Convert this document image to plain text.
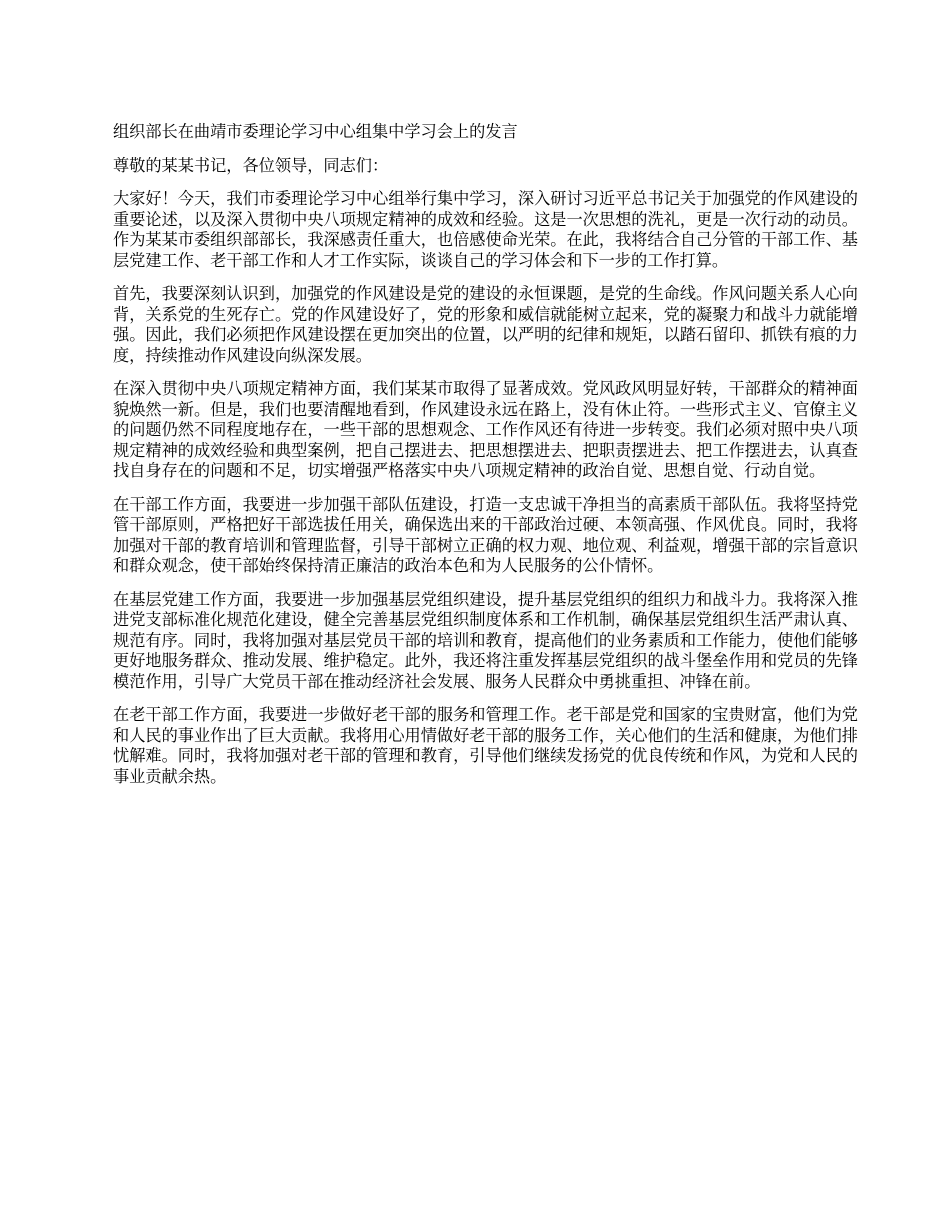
组织部长在曲靖市委理论学习中心组集中学习会上的发言

尊敬的某某书记，各位领导，同志们：

大家好！今天，我们市委理论学习中心组举行集中学习，深入研讨习近平总书记关于加强党的作风建设的重要论述，以及深入贯彻中央八项规定精神的成效和经验。这是一次思想的洗礼，更是一次行动的动员。作为某某市委组织部部长，我深感责任重大，也倍感使命光荣。在此，我将结合自己分管的干部工作、基层党建工作、老干部工作和人才工作实际，谈谈自己的学习体会和下一步的工作打算。

首先，我要深刻认识到，加强党的作风建设是党的建设的永恒课题，是党的生命线。作风问题关系人心向背，关系党的生死存亡。党的作风建设好了，党的形象和威信就能树立起来，党的凝聚力和战斗力就能增强。因此，我们必须把作风建设摆在更加突出的位置，以严明的纪律和规矩，以踏石留印、抓铁有痕的力度，持续推动作风建设向纵深发展。

在深入贯彻中央八项规定精神方面，我们某某市取得了显著成效。党风政风明显好转，干部群众的精神面貌焕然一新。但是，我们也要清醒地看到，作风建设永远在路上，没有休止符。一些形式主义、官僚主义的问题仍然不同程度地存在，一些干部的思想观念、工作作风还有待进一步转变。我们必须对照中央八项规定精神的成效经验和典型案例，把自己摆进去、把思想摆进去、把职责摆进去、把工作摆进去，认真查找自身存在的问题和不足，切实增强严格落实中央八项规定精神的政治自觉、思想自觉、行动自觉。

在干部工作方面，我要进一步加强干部队伍建设，打造一支忠诚干净担当的高素质干部队伍。我将坚持党管干部原则，严格把好干部选拔任用关，确保选出来的干部政治过硬、本领高强、作风优良。同时，我将加强对干部的教育培训和管理监督，引导干部树立正确的权力观、地位观、利益观，增强干部的宗旨意识和群众观念，使干部始终保持清正廉洁的政治本色和为人民服务的公仆情怀。

在基层党建工作方面，我要进一步加强基层党组织建设，提升基层党组织的组织力和战斗力。我将深入推进党支部标准化规范化建设，健全完善基层党组织制度体系和工作机制，确保基层党组织生活严肃认真、规范有序。同时，我将加强对基层党员干部的培训和教育，提高他们的业务素质和工作能力，使他们能够更好地服务群众、推动发展、维护稳定。此外，我还将注重发挥基层党组织的战斗堡垒作用和党员的先锋模范作用，引导广大党员干部在推动经济社会发展、服务人民群众中勇挑重担、冲锋在前。

在老干部工作方面，我要进一步做好老干部的服务和管理工作。老干部是党和国家的宝贵财富，他们为党和人民的事业作出了巨大贡献。我将用心用情做好老干部的服务工作，关心他们的生活和健康，为他们排忧解难。同时，我将加强对老干部的管理和教育，引导他们继续发扬党的优良传统和作风，为党和人民的事业贡献余热。
